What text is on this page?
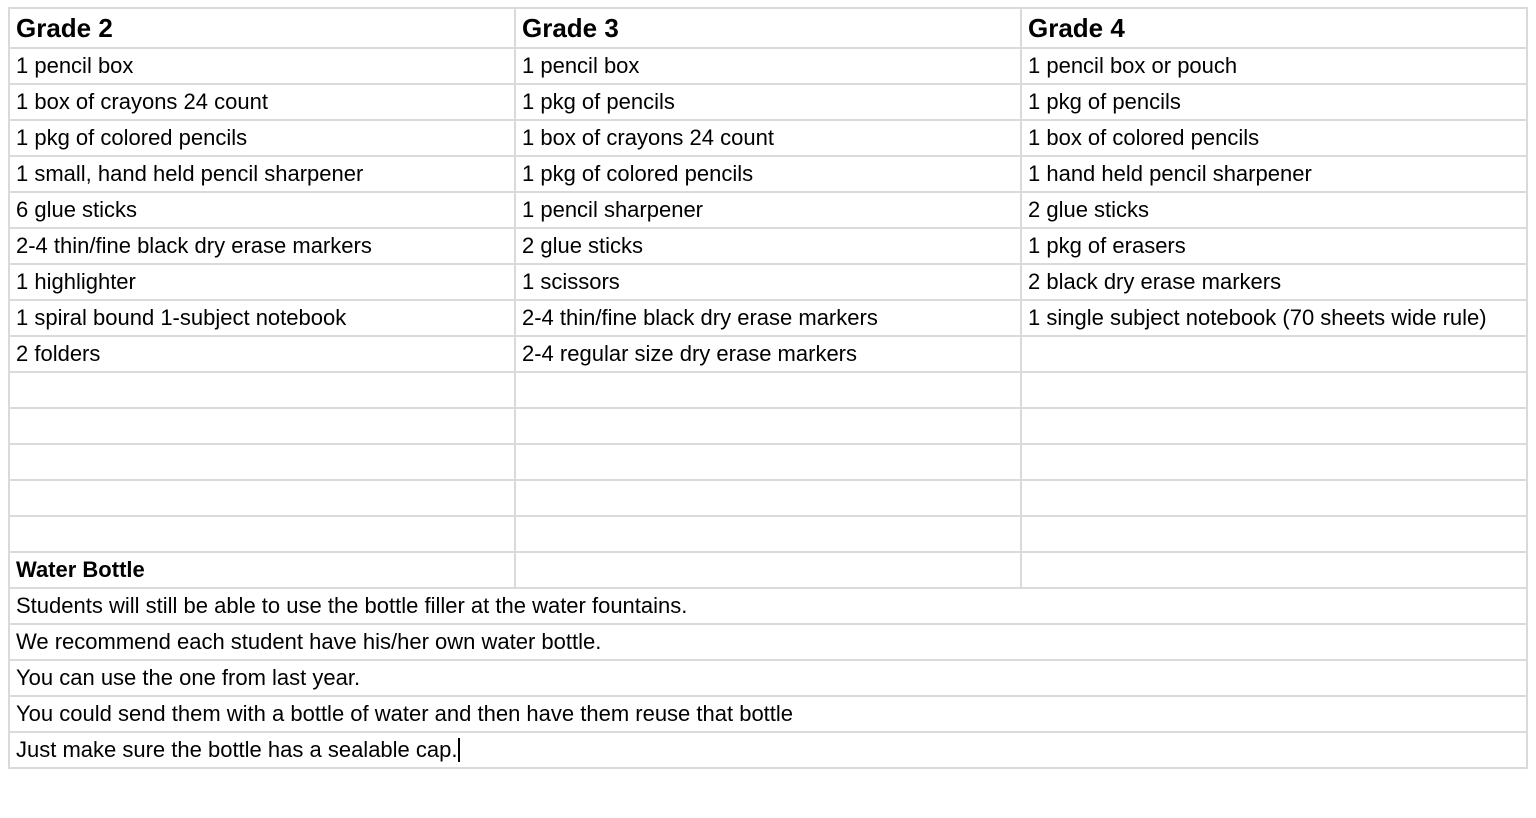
Grade 2	Grade 3	Grade 4
1 pencil box	1 pencil box	1 pencil box or pouch
1 box of crayons 24 count	1 pkg of pencils	1 pkg of pencils
1 pkg of colored pencils	1 box of crayons 24 count	1 box of colored pencils
1 small, hand held pencil sharpener	1 pkg of colored pencils	1 hand held pencil sharpener
6 glue sticks	1 pencil sharpener	2 glue sticks
2-4 thin/fine black dry erase markers	2 glue sticks	1 pkg of erasers
1 highlighter	1 scissors	2 black dry erase markers
1 spiral bound 1-subject notebook	2-4 thin/fine black dry erase markers	1 single subject notebook (70 sheets wide rule)
2 folders	2-4 regular size dry erase markers	

Water Bottle		
Students will still be able to use the bottle filler at the water fountains.		
We recommend each student have his/her own water bottle.		
You can use the one from last year.		
You could send them with a bottle of water and then have them reuse that bottle		
Just make sure the bottle has a sealable cap.		
